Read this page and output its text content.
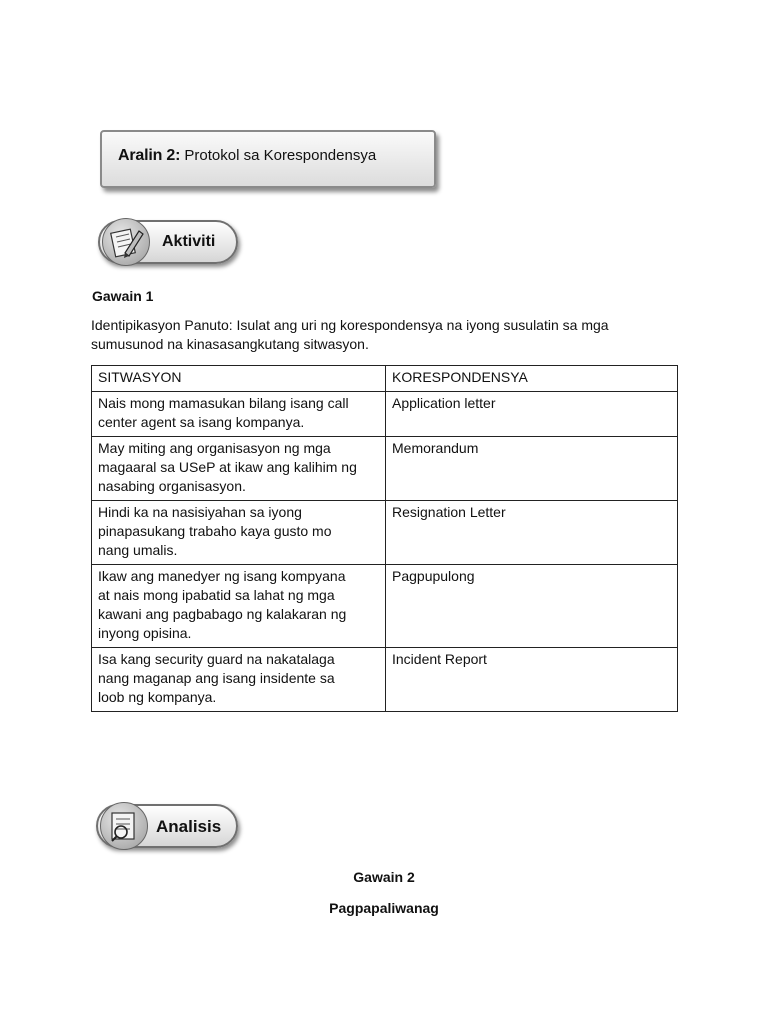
Aralin 2: Protokol sa Korespondensya
Aktiviti
Gawain 1
Identipikasyon Panuto: Isulat ang uri ng korespondensya na iyong susulatin sa mga
sumusunod na kinasasangkutang sitwasyon.
SITWASYON	KORESPONDENSYA

Nais mong mamasukan bilang isang call
center agent sa isang kompanya.	Application letter

May miting ang organisasyon ng mga
magaaral sa USeP at ikaw ang kalihim ng
nasabing organisasyon.	Memorandum

Hindi ka na nasisiyahan sa iyong
pinapasukang trabaho kaya gusto mo
nang umalis.	Resignation Letter

Ikaw ang manedyer ng isang kompyana
at nais mong ipabatid sa lahat ng mga
kawani ang pagbabago ng kalakaran ng
inyong opisina.	Pagpupulong

Isa kang security guard na nakatalaga
nang maganap ang isang insidente sa
loob ng kompanya.	Incident Report
Analisis
Gawain 2
Pagpapaliwanag
